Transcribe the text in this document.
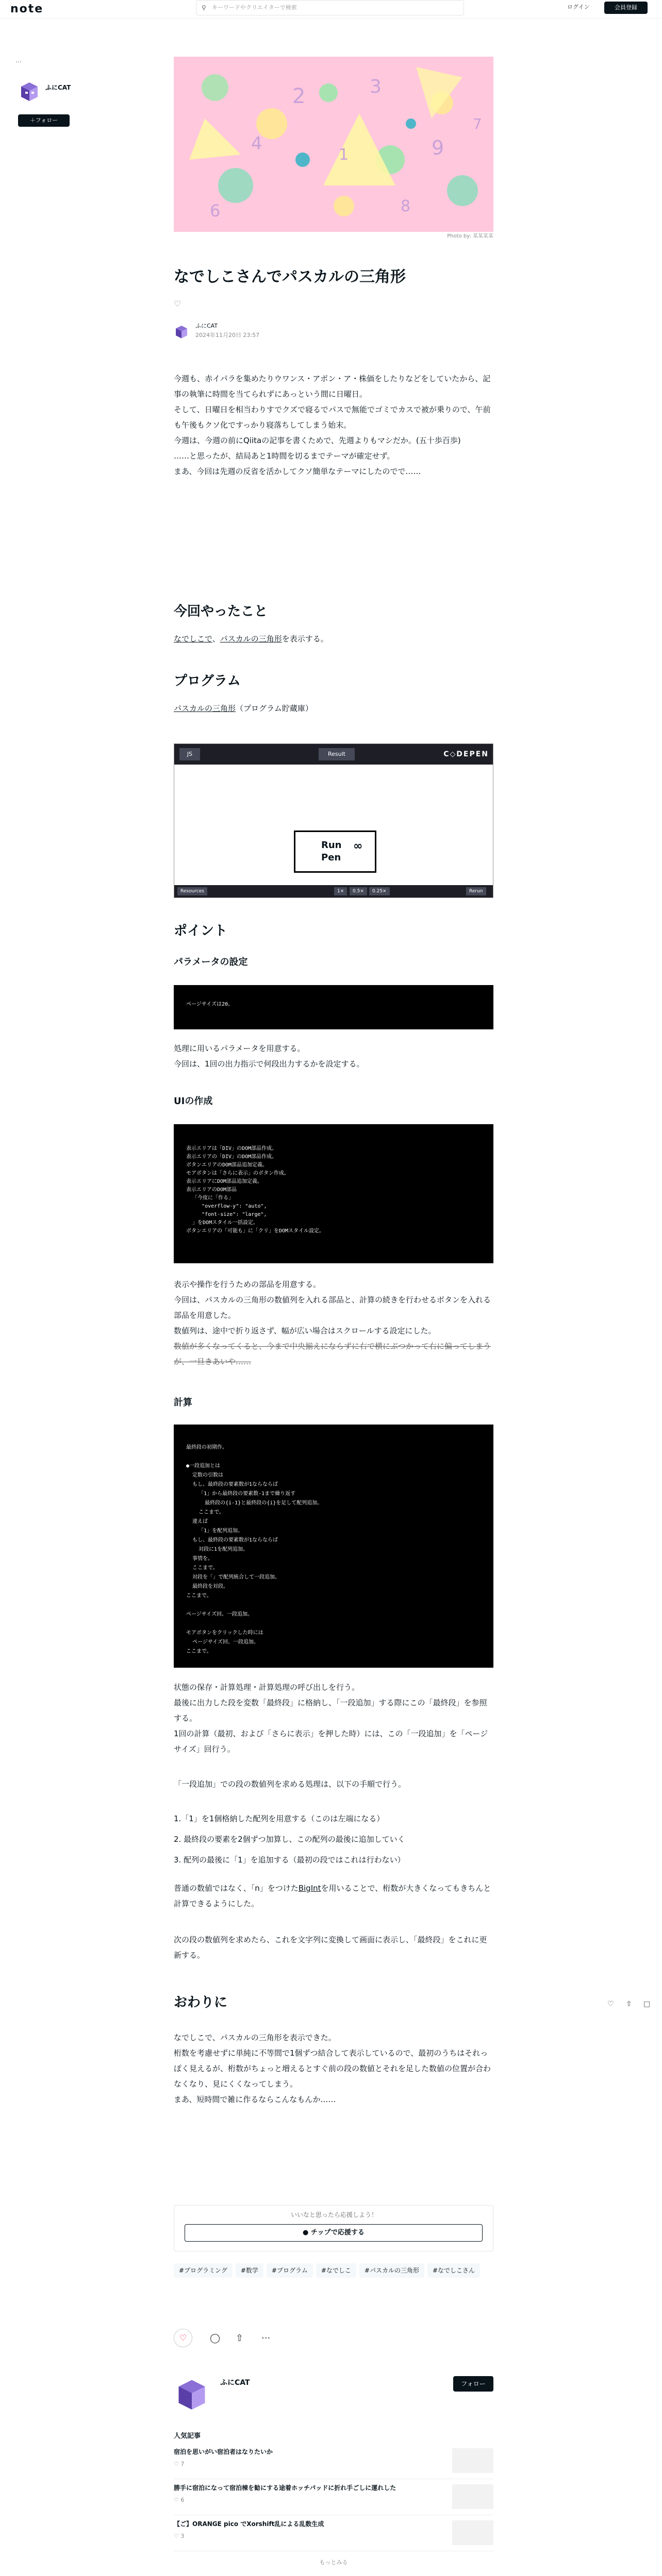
note	⚲ キーワードやクリエイターで検索	ログイン	会員登録
…
ふにCAT
＋フォロー
2	3
4	9
8
6
1
7
Photo by: 某某某某
なでしこさんでパスカルの三角形
♡
ふにCAT
2024年11月20日 23:57
今週も、赤イパラを集めたりウワンス・アポン・ア・株価をしたりなどをしていたから、記事の執筆に時間を当てられずにあっという間に日曜日。
そして、日曜日を相当わりすでクズで寝るでパスで無能でゴミでカスで被が乗りので、午前も午後もクソ化ですっかり寝落ちしてしまう始末。
今週は、今週の前にQiitaの記事を書くためで、先週よりもマシだか。(五十歩百歩)
……と思ったが、結局あと1時間を切るまでテーマが確定せず。
まあ、今回は先週の反省を活かしてクソ簡単なテーマにしたのでで……
今回やったこと
なでしこで、パスカルの三角形を表示する。
プログラム
パスカルの三角形（プログラム貯蔵庫）
JS	Result	C◇DEPEN
Run
Pen
∞
Resources	1×	0.5×	0.25×	Rerun
ポイント
パラメータの設定
ページサイズは20。
処理に用いるパラメータを用意する。
今回は、1回の出力指示で何段出力するかを設定する。
UIの作成
表示エリアは「DIV」のDOM部品作成。
表示エリアの「DIV」のDOM部品作成。
ボタンエリアのDOM部品追加定義。
モアボタンは「さらに表示」のボタン作成。
表示エリアにDOM部品追加定義。
表示エリアのDOM部品
「今度に「作る」
"overflow-y": "auto",
"font-size": "large",
」をDOMスタイル一括設定。
ボタンエリアの「可能も」に「クリ」をDOMスタイル設定。
表示や操作を行うための部品を用意する。
今回は、パスカルの三角形の数値列を入れる部品と、計算の続きを行わせるボタンを入れる部品を用意した。
数値列は、途中で折り返さず、幅が広い場合はスクロールする設定にした。
数値が多くなってくると、今まで中央揃えにならずに右で横にぶつかって右に偏ってしまうが、一旦きあいや……
計算
最終段の初期作。

●一段追加とは
定数の引数は
もし、最終段の要素数が1ならならば
「1」から最終段の要素数-1まで繰り返す
最終段の{i-1}と最終段の{i}を足して配列追加。
ここまで。
違えば
「1」を配列追加。
もし、最終段の要素数が1ならならば
対段に1を配列追加。
事情を。
ここまで。
対段を「」で配列統合して一段追加。
最終段を対段。
ここまで。

ページサイズ回、一段追加。

モアボタンをクリックした時には
ページサイズ回、一段追加。
ここまで。
状態の保存・計算処理・計算処理の呼び出しを行う。
最後に出力した段を変数「最終段」に格納し、「一段追加」する際にこの「最終段」を参照する。
1回の計算（最初、および「さらに表示」を押した時）には、この「一段追加」を「ページサイズ」回行う。
「一段追加」での段の数値列を求める処理は、以下の手順で行う。
1.「1」を1個格納した配列を用意する（このは左端になる）
2. 最終段の要素を2個ずつ加算し、この配列の最後に追加していく
3. 配列の最後に「1」を追加する（最初の段ではこれは行わない）
普通の数値ではなく、「n」をつけたBigIntを用いることで、桁数が大きくなってもきちんと計算できるようにした。
次の段の数値列を求めたら、これを文字列に変換して画面に表示し、「最終段」をこれに更新する。
おわりに
なでしこで、パスカルの三角形を表示できた。
桁数を考慮せずに単純に不等間で1個ずつ結合して表示しているので、最初のうちはそれっぽく見えるが、桁数がちょっと増えるとすぐ前の段の数値とそれを足した数値の位置が合わなくなり、見にくくなってしまう。
まあ、短時間で雑に作るならこんなもんか……
いいなと思ったら応援しよう！
● チップで応援する
#プログラミング #数学 #プログラム #なでしこ #パスカルの三角形 #なでしこさん
♡	◯ ⇧ ···
ふにCAT	フォロー
人気記事
宿泊を思いがい宿泊者はなりたいか
♡ 7
勝手に宿泊になって宿泊棟を勧にする途着ホッチパッドに折れ手ごしに運れした
♡ 6
【ご】ORANGE pico でXorshift乱による乱数生成
♡ 3
もっとみる
♡ ⇧ □
